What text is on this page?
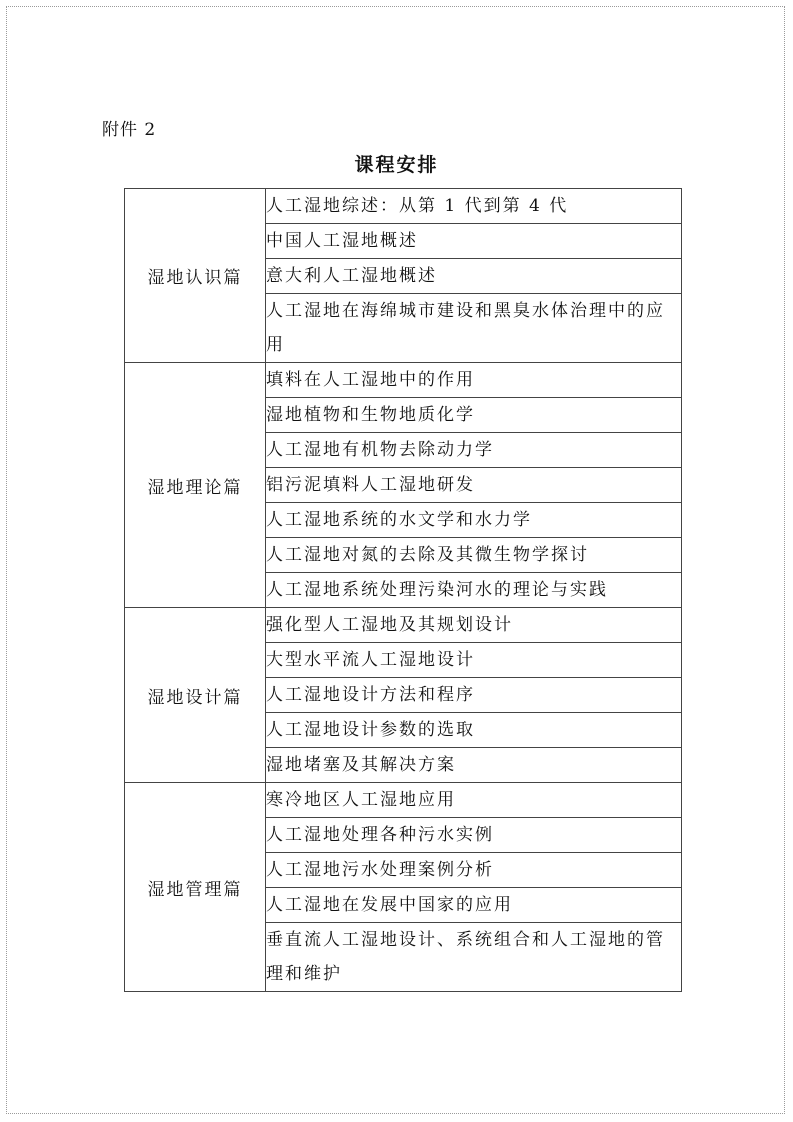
附件 2
课程安排
湿地认识篇	人工湿地综述：从第 1 代到第 4 代
	中国人工湿地概述
	意大利人工湿地概述
	人工湿地在海绵城市建设和黑臭水体治理中的应用
湿地理论篇	填料在人工湿地中的作用
	湿地植物和生物地质化学
	人工湿地有机物去除动力学
	铝污泥填料人工湿地研发
	人工湿地系统的水文学和水力学
	人工湿地对氮的去除及其微生物学探讨
	人工湿地系统处理污染河水的理论与实践
湿地设计篇	强化型人工湿地及其规划设计
	大型水平流人工湿地设计
	人工湿地设计方法和程序
	人工湿地设计参数的选取
	湿地堵塞及其解决方案
湿地管理篇	寒冷地区人工湿地应用
	人工湿地处理各种污水实例
	人工湿地污水处理案例分析
	人工湿地在发展中国家的应用
	垂直流人工湿地设计、系统组合和人工湿地的管理和维护
